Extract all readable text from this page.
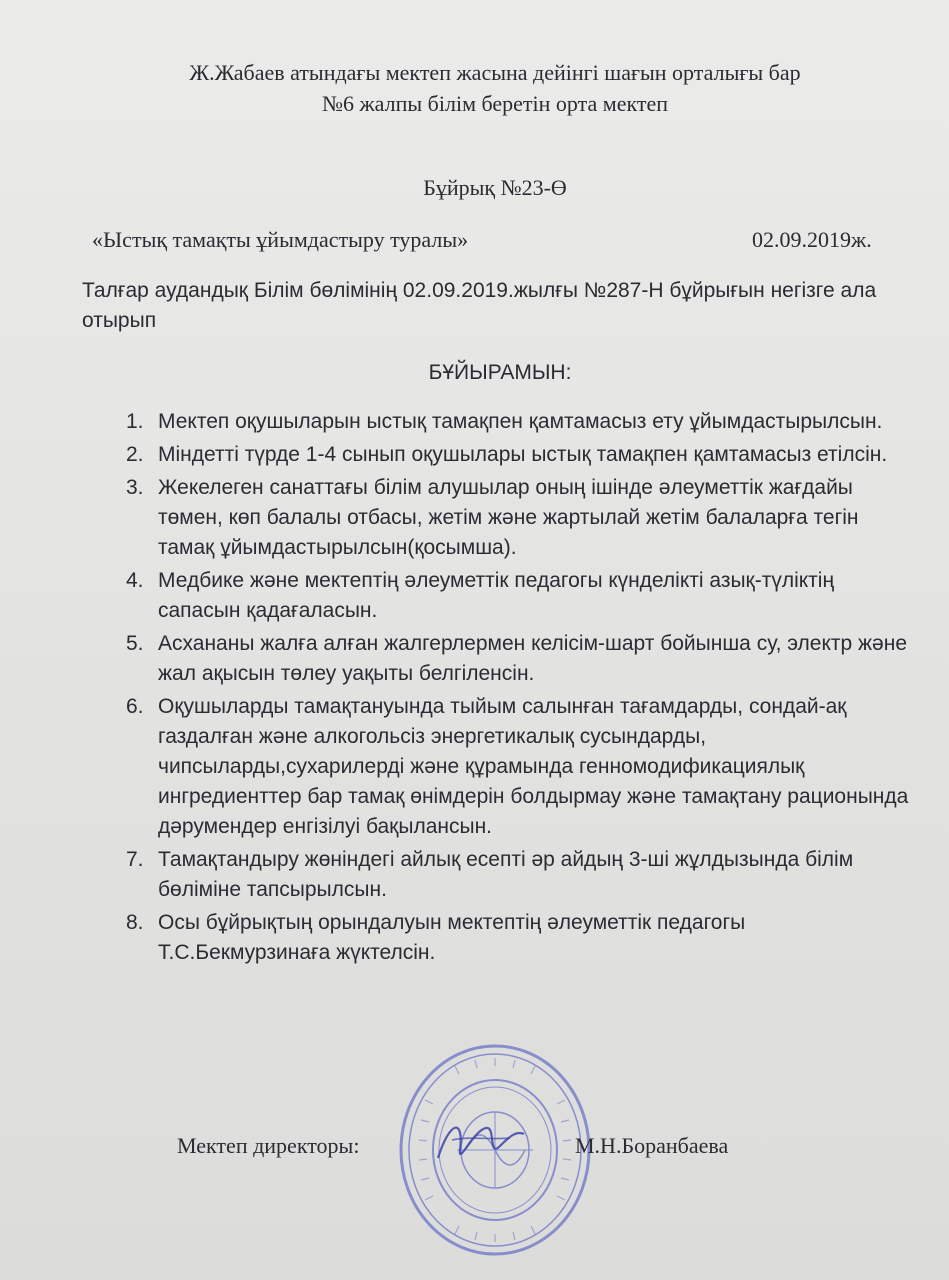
Ж.Жабаев атындағы мектеп жасына дейінгі шағын орталығы бар
№6 жалпы білім беретін орта мектеп
Бұйрық №23-Ө
«Ыстық тамақты ұйымдастыру туралы»	02.09.2019ж.
Талғар аудандық Білім бөлімінің 02.09.2019.жылғы №287-Н бұйрығын негізге ала отырып
БҰЙЫРАМЫН:
1. Мектеп оқушыларын ыстық тамақпен қамтамасыз ету ұйымдастырылсын.
2. Міндетті түрде 1-4 сынып оқушылары ыстық тамақпен қамтамасыз етілсін.
3. Жекелеген санаттағы білім алушылар оның ішінде әлеуметтік жағдайы төмен, көп балалы отбасы, жетім және жартылай жетім балаларға тегін тамақ ұйымдастырылсын(қосымша).
4. Медбике және мектептің әлеуметтік педагогы күнделікті азық-түліктің сапасын қадағаласын.
5. Асхананы жалға алған жалгерлермен келісім-шарт бойынша су, электр және жал ақысын төлеу уақыты белгіленсін.
6. Оқушыларды тамақтануында тыйым салынған тағамдарды, сондай-ақ газдалған және алкогольсіз энергетикалық сусындарды, чипсыларды,сухарилерді және құрамында генномодификациялық ингредиенттер бар тамақ өнімдерін болдырмау және тамақтану рационында дәрумендер енгізілуі бақылансын.
7. Тамақтандыру жөніндегі айлық есепті әр айдың 3-ші жұлдызында білім бөліміне тапсырылсын.
8. Осы бұйрықтың орындалуын мектептің әлеуметтік педагогы Т.С.Бекмурзинаға жүктелсін.
Мектеп директоры:	М.Н.Боранбаева
